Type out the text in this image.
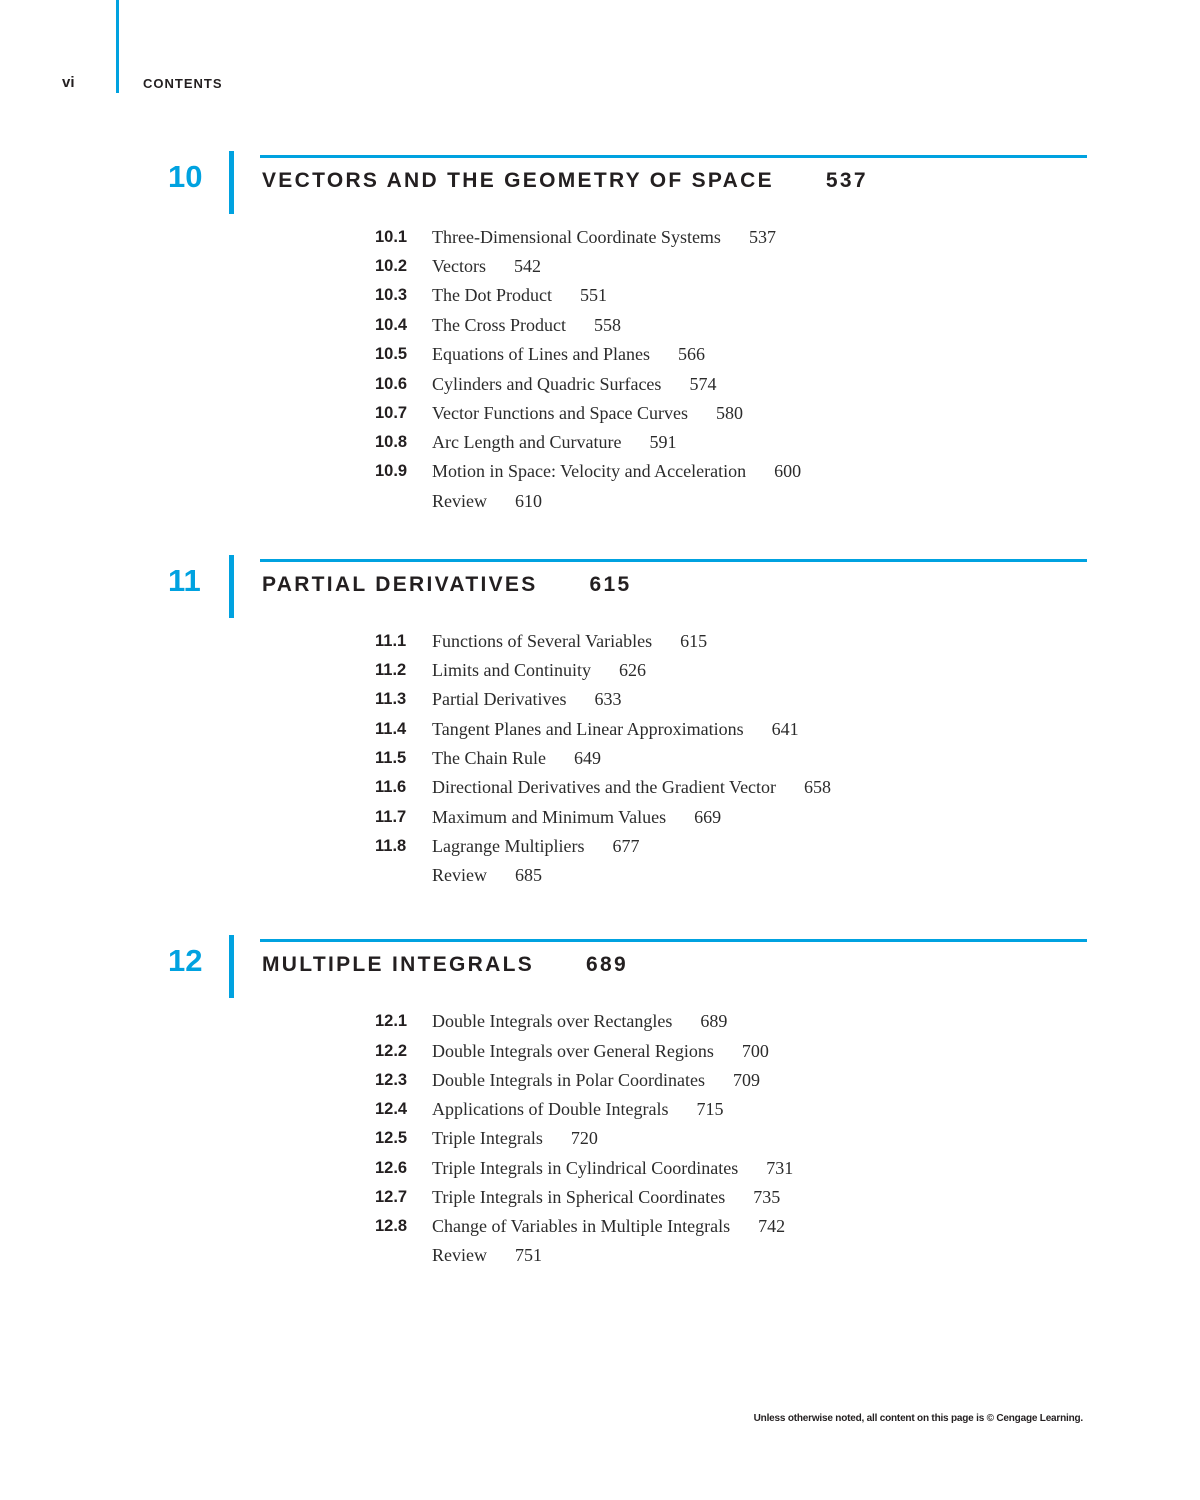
vi	CONTENTS
10	VECTORS AND THE GEOMETRY OF SPACE 537
10.1	Three-Dimensional Coordinate Systems 537
10.2	Vectors 542
10.3	The Dot Product 551
10.4	The Cross Product 558
10.5	Equations of Lines and Planes 566
10.6	Cylinders and Quadric Surfaces 574
10.7	Vector Functions and Space Curves 580
10.8	Arc Length and Curvature 591
10.9	Motion in Space: Velocity and Acceleration 600
Review 610
11	PARTIAL DERIVATIVES 615
11.1	Functions of Several Variables 615
11.2	Limits and Continuity 626
11.3	Partial Derivatives 633
11.4	Tangent Planes and Linear Approximations 641
11.5	The Chain Rule 649
11.6	Directional Derivatives and the Gradient Vector 658
11.7	Maximum and Minimum Values 669
11.8	Lagrange Multipliers 677
Review 685
12	MULTIPLE INTEGRALS 689
12.1	Double Integrals over Rectangles 689
12.2	Double Integrals over General Regions 700
12.3	Double Integrals in Polar Coordinates 709
12.4	Applications of Double Integrals 715
12.5	Triple Integrals 720
12.6	Triple Integrals in Cylindrical Coordinates 731
12.7	Triple Integrals in Spherical Coordinates 735
12.8	Change of Variables in Multiple Integrals 742
Review 751
Unless otherwise noted, all content on this page is © Cengage Learning.
